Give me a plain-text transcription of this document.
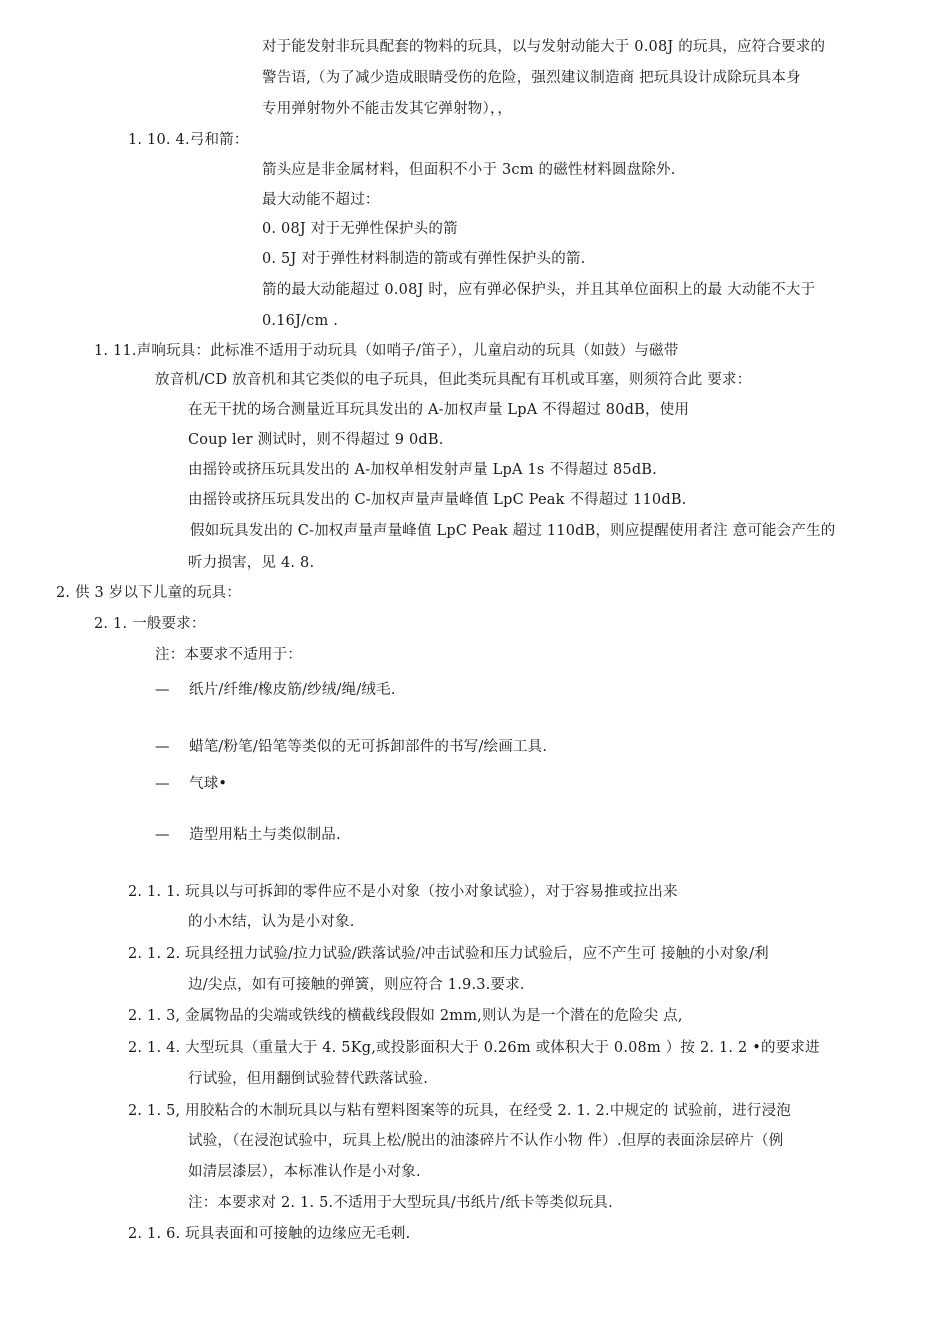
对于能发射非玩具配套的物料的玩具，以与发射动能大于 0.08J 的玩具，应符合要求的
警告语,（为了减少造成眼睛受伤的危险，强烈建议制造商 把玩具设计成除玩具本身
专用弹射物外不能击发其它弹射物），，
1. 10. 4.弓和箭：
箭头应是非金属材料，但面积不小于 3cm 的磁性材料圆盘除外.
最大动能不超过：
0. 08J 对于无弹性保护头的箭
0. 5J 对于弹性材料制造的箭或有弹性保护头的箭.
箭的最大动能超过 0.08J 时，应有弹必保护头，并且其单位面积上的最 大动能不大于
0.16J/cm .
1. 11.声响玩具：此标准不适用于动玩具（如哨子/笛子），儿童启动的玩具（如鼓）与磁带
放音机/CD 放音机和其它类似的电子玩具，但此类玩具配有耳机或耳塞，则须符合此 要求：
在无干扰的场合测量近耳玩具发出的 A-加权声量 LpA 不得超过 80dB，使用
Coup ler 测试时，则不得超过 9 0dB.
由摇铃或挤压玩具发出的 A-加权单相发射声量 LpA 1s 不得超过 85dB.
由摇铃或挤压玩具发出的 C-加权声量声量峰值 LpC Peak 不得超过 110dB.
假如玩具发出的 C-加权声量声量峰值 LpC Peak 超过 110dB，则应提醒使用者注 意可能会产生的
听力损害，见 4. 8.
2. 供 3 岁以下儿童的玩具：
2. 1. 一般要求：
注：本要求不适用于：
— 纸片/纤维/橡皮筋/纱绒/绳/绒毛.
— 蜡笔/粉笔/铅笔等类似的无可拆卸部件的书写/绘画工具.
— 气球•
— 造型用粘土与类似制品.
2. 1. 1. 玩具以与可拆卸的零件应不是小对象（按小对象试验），对于容易推或拉出来
的小木结，认为是小对象.
2. 1. 2. 玩具经扭力试验/拉力试验/跌落试验/冲击试验和压力试验后，应不产生可 接触的小对象/利
边/尖点，如有可接触的弹簧，则应符合 1.9.3.要求.
2. 1. 3, 金属物品的尖端或铁线的横截线段假如 2mm,则认为是一个潜在的危险尖 点,
2. 1. 4. 大型玩具（重量大于 4. 5Kg,或投影面积大于 0.26m 或体积大于 0.08m ）按 2. 1. 2 •的要求进
行试验，但用翻倒试验替代跌落试验.
2. 1. 5, 用胶粘合的木制玩具以与粘有塑料图案等的玩具，在经受 2. 1. 2.中规定的 试验前，进行浸泡
试验，（在浸泡试验中，玩具上松/脱出的油漆碎片不认作小物 件）.但厚的表面涂层碎片（例
如清层漆层），本标准认作是小对象.
注：本要求对 2. 1. 5.不适用于大型玩具/书纸片/纸卡等类似玩具.
2. 1. 6. 玩具表面和可接触的边缘应无毛刺.
